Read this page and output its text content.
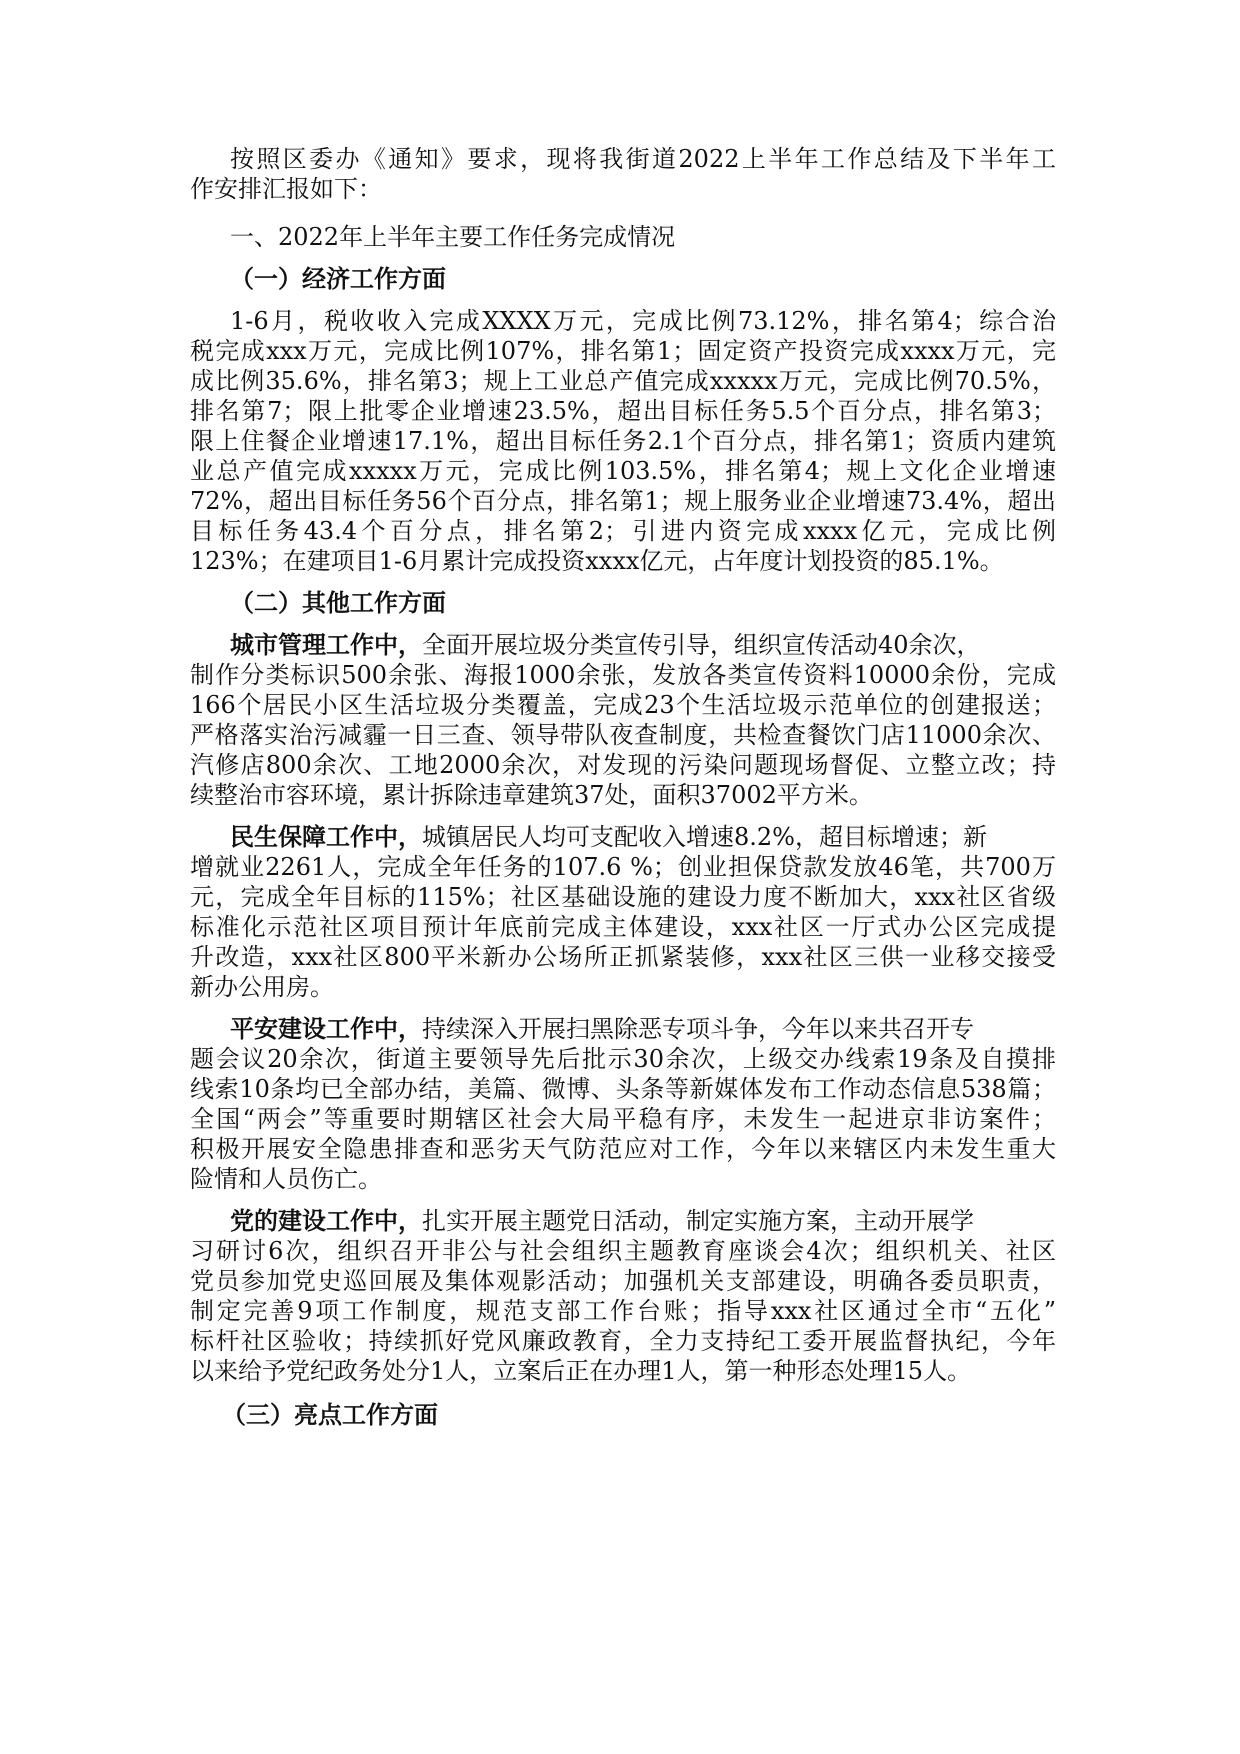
按照区委办《通知》要求，现将我街道2022上半年工作总结及下半年工
作安排汇报如下：
一、2022年上半年主要工作任务完成情况
（一）经济工作方面
1-6月，税收收入完成XXXX万元，完成比例73.12%，排名第4；综合治
税完成xxx万元，完成比例107%，排名第1；固定资产投资完成xxxx万元，完
成比例35.6%，排名第3；规上工业总产值完成xxxxx万元，完成比例70.5%，
排名第7；限上批零企业增速23.5%，超出目标任务5.5个百分点，排名第3；
限上住餐企业增速17.1%，超出目标任务2.1个百分点，排名第1；资质内建筑
业总产值完成xxxxx万元，完成比例103.5%，排名第4；规上文化企业增速
72%，超出目标任务56个百分点，排名第1；规上服务业企业增速73.4%，超出
目标任务43.4个百分点，排名第2；引进内资完成xxxx亿元，完成比例
123%；在建项目1-6月累计完成投资xxxx亿元，占年度计划投资的85.1%。
（二）其他工作方面
城市管理工作中，全面开展垃圾分类宣传引导，组织宣传活动40余次，
制作分类标识500余张、海报1000余张，发放各类宣传资料10000余份，完成
166个居民小区生活垃圾分类覆盖，完成23个生活垃圾示范单位的创建报送；
严格落实治污减霾一日三查、领导带队夜查制度，共检查餐饮门店11000余次、
汽修店800余次、工地2000余次，对发现的污染问题现场督促、立整立改；持
续整治市容环境，累计拆除违章建筑37处，面积37002平方米。
民生保障工作中，城镇居民人均可支配收入增速8.2%，超目标增速；新
增就业2261人，完成全年任务的107.6 %；创业担保贷款发放46笔，共700万
元，完成全年目标的115%；社区基础设施的建设力度不断加大，xxx社区省级
标准化示范社区项目预计年底前完成主体建设，xxx社区一厅式办公区完成提
升改造，xxx社区800平米新办公场所正抓紧装修，xxx社区三供一业移交接受
新办公用房。
平安建设工作中，持续深入开展扫黑除恶专项斗争，今年以来共召开专
题会议20余次，街道主要领导先后批示30余次，上级交办线索19条及自摸排
线索10条均已全部办结，美篇、微博、头条等新媒体发布工作动态信息538篇；
全国“两会”等重要时期辖区社会大局平稳有序，未发生一起进京非访案件；
积极开展安全隐患排查和恶劣天气防范应对工作，今年以来辖区内未发生重大
险情和人员伤亡。
党的建设工作中，扎实开展主题党日活动，制定实施方案，主动开展学
习研讨6次，组织召开非公与社会组织主题教育座谈会4次；组织机关、社区
党员参加党史巡回展及集体观影活动；加强机关支部建设，明确各委员职责，
制定完善9项工作制度，规范支部工作台账；指导xxx社区通过全市“五化”
标杆社区验收；持续抓好党风廉政教育，全力支持纪工委开展监督执纪，今年
以来给予党纪政务处分1人，立案后正在办理1人，第一种形态处理15人。
（三）亮点工作方面
